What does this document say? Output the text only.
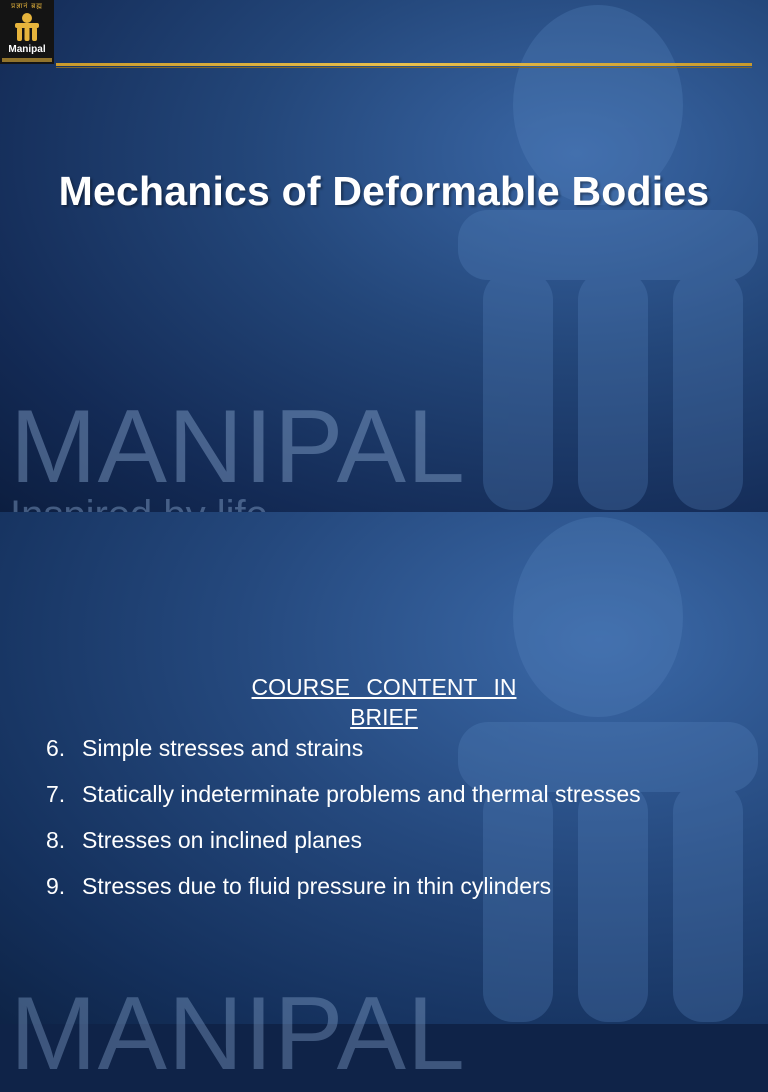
प्रज्ञानं ब्रह्म
Manipal
Mechanics of Deformable Bodies
MANIPAL
COURSE CONTENT IN BRIEF
6. Simple stresses and strains
7. Statically indeterminate problems and thermal stresses
8. Stresses on inclined planes
9. Stresses due to fluid pressure in thin cylinders
MANIPAL
